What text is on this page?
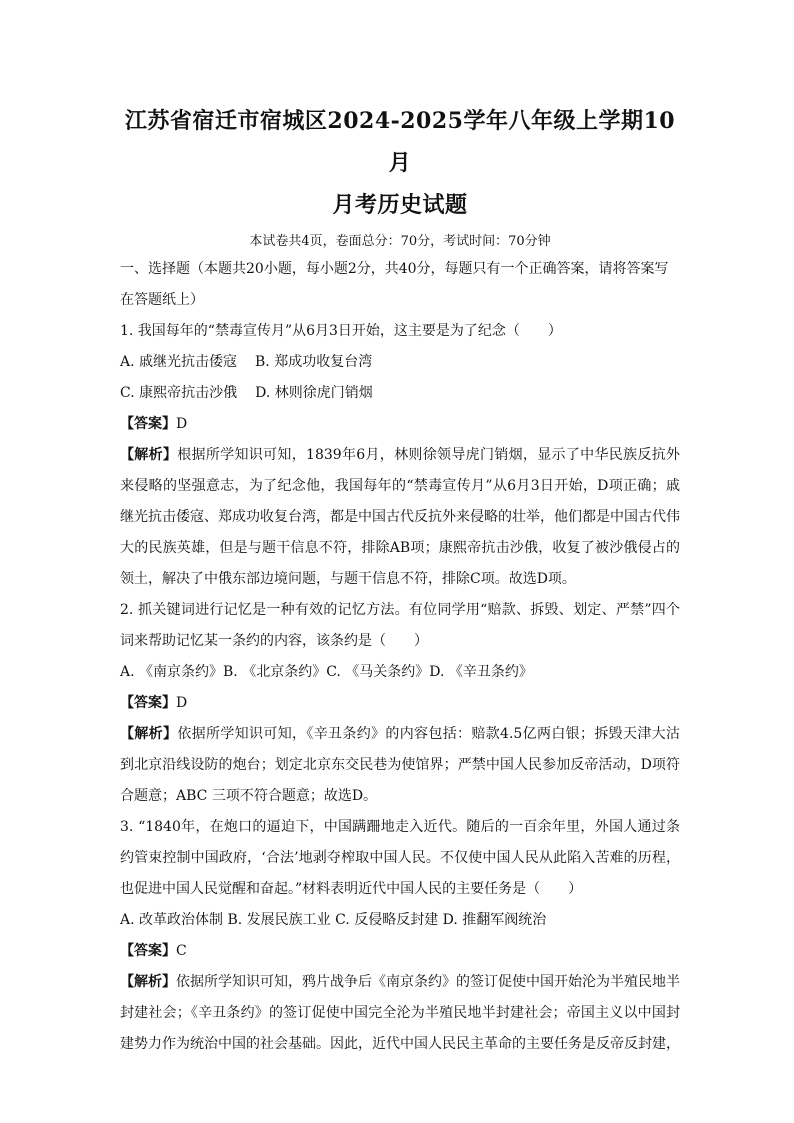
江苏省宿迁市宿城区2024-2025学年八年级上学期10月
月考历史试题
本试卷共4页，卷面总分：70分，考试时间：70分钟
一、选择题（本题共20小题，每小题2分，共40分，每题只有一个正确答案，请将答案写
在答题纸上）
1. 我国每年的“禁毒宣传月”从6月3日开始，这主要是为了纪念（　　）
A. 戚继光抗击倭寇 B. 郑成功收复台湾
C. 康熙帝抗击沙俄 D. 林则徐虎门销烟
【答案】D
【解析】根据所学知识可知，1839年6月，林则徐领导虎门销烟，显示了中华民族反抗外来侵略的坚强意志，为了纪念他，我国每年的“禁毒宣传月”从6月3日开始，D项正确；戚继光抗击倭寇、郑成功收复台湾，都是中国古代反抗外来侵略的壮举，他们都是中国古代伟大的民族英雄，但是与题干信息不符，排除AB项；康熙帝抗击沙俄，收复了被沙俄侵占的领土，解决了中俄东部边境问题，与题干信息不符，排除C项。故选D项。
2. 抓关键词进行记忆是一种有效的记忆方法。有位同学用“赔款、拆毁、划定、严禁”四个词来帮助记忆某一条约的内容，该条约是（　　）
A. 《南京条约》B. 《北京条约》C. 《马关条约》D. 《辛丑条约》
【答案】D
【解析】依据所学知识可知，《辛丑条约》的内容包括：赔款4.5亿两白银；拆毁天津大沽到北京沿线设防的炮台；划定北京东交民巷为使馆界；严禁中国人民参加反帝活动，D项符合题意；ABC 三项不符合题意；故选D。
3. “1840年，在炮口的逼迫下，中国蹒跚地走入近代。随后的一百余年里，外国人通过条约管束控制中国政府，‘合法’地剥夺榨取中国人民。不仅使中国人民从此陷入苦难的历程，也促进中国人民觉醒和奋起。”材料表明近代中国人民的主要任务是（　　）
A. 改革政治体制 B. 发展民族工业 C. 反侵略反封建 D. 推翻军阀统治
【答案】C
【解析】依据所学知识可知，鸦片战争后《南京条约》的签订促使中国开始沦为半殖民地半封建社会；《辛丑条约》的签订促使中国完全沦为半殖民地半封建社会；帝国主义以中国封建势力作为统治中国的社会基础。因此，近代中国人民民主革命的主要任务是反帝反封建，
